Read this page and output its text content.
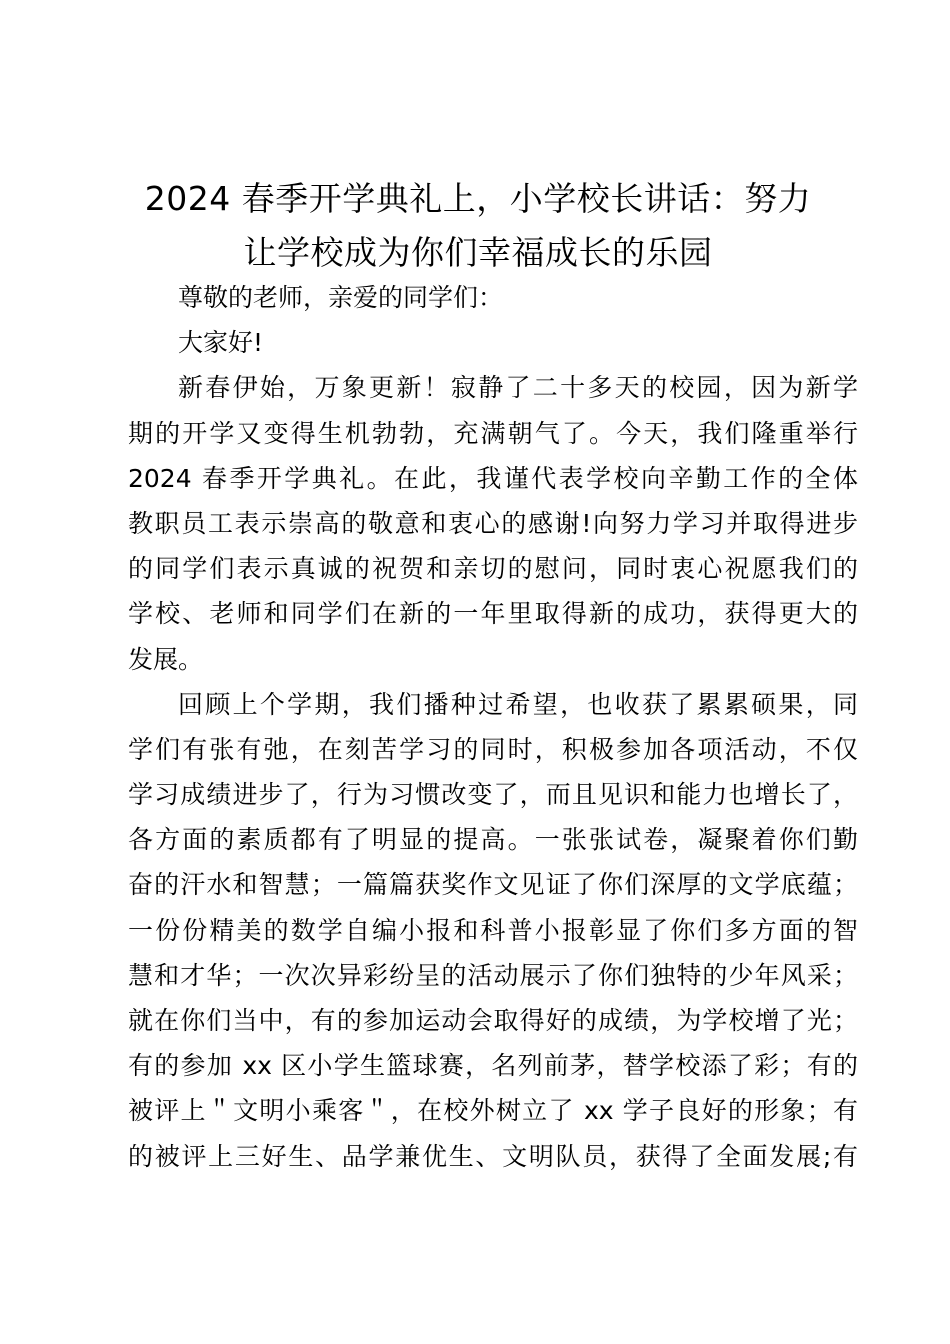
2024 春季开学典礼上，小学校长讲话：努力
让学校成为你们幸福成长的乐园
尊敬的老师，亲爱的同学们：
大家好!
新春伊始，万象更新！寂静了二十多天的校园，因为新学
期的开学又变得生机勃勃，充满朝气了。今天，我们隆重举行
2024 春季开学典礼。在此，我谨代表学校向辛勤工作的全体
教职员工表示崇高的敬意和衷心的感谢!向努力学习并取得进步
的同学们表示真诚的祝贺和亲切的慰问，同时衷心祝愿我们的
学校、老师和同学们在新的一年里取得新的成功，获得更大的
发展。
回顾上个学期，我们播种过希望，也收获了累累硕果，同
学们有张有弛，在刻苦学习的同时，积极参加各项活动，不仅
学习成绩进步了，行为习惯改变了，而且见识和能力也增长了，
各方面的素质都有了明显的提高。一张张试卷，凝聚着你们勤
奋的汗水和智慧；一篇篇获奖作文见证了你们深厚的文学底蕴；
一份份精美的数学自编小报和科普小报彰显了你们多方面的智
慧和才华；一次次异彩纷呈的活动展示了你们独特的少年风采；
就在你们当中，有的参加运动会取得好的成绩，为学校增了光；
有的参加 xx 区小学生篮球赛，名列前茅，替学校添了彩；有的
被评上＂文明小乘客＂，在校外树立了 xx 学子良好的形象；有
的被评上三好生、品学兼优生、文明队员，获得了全面发展;有
